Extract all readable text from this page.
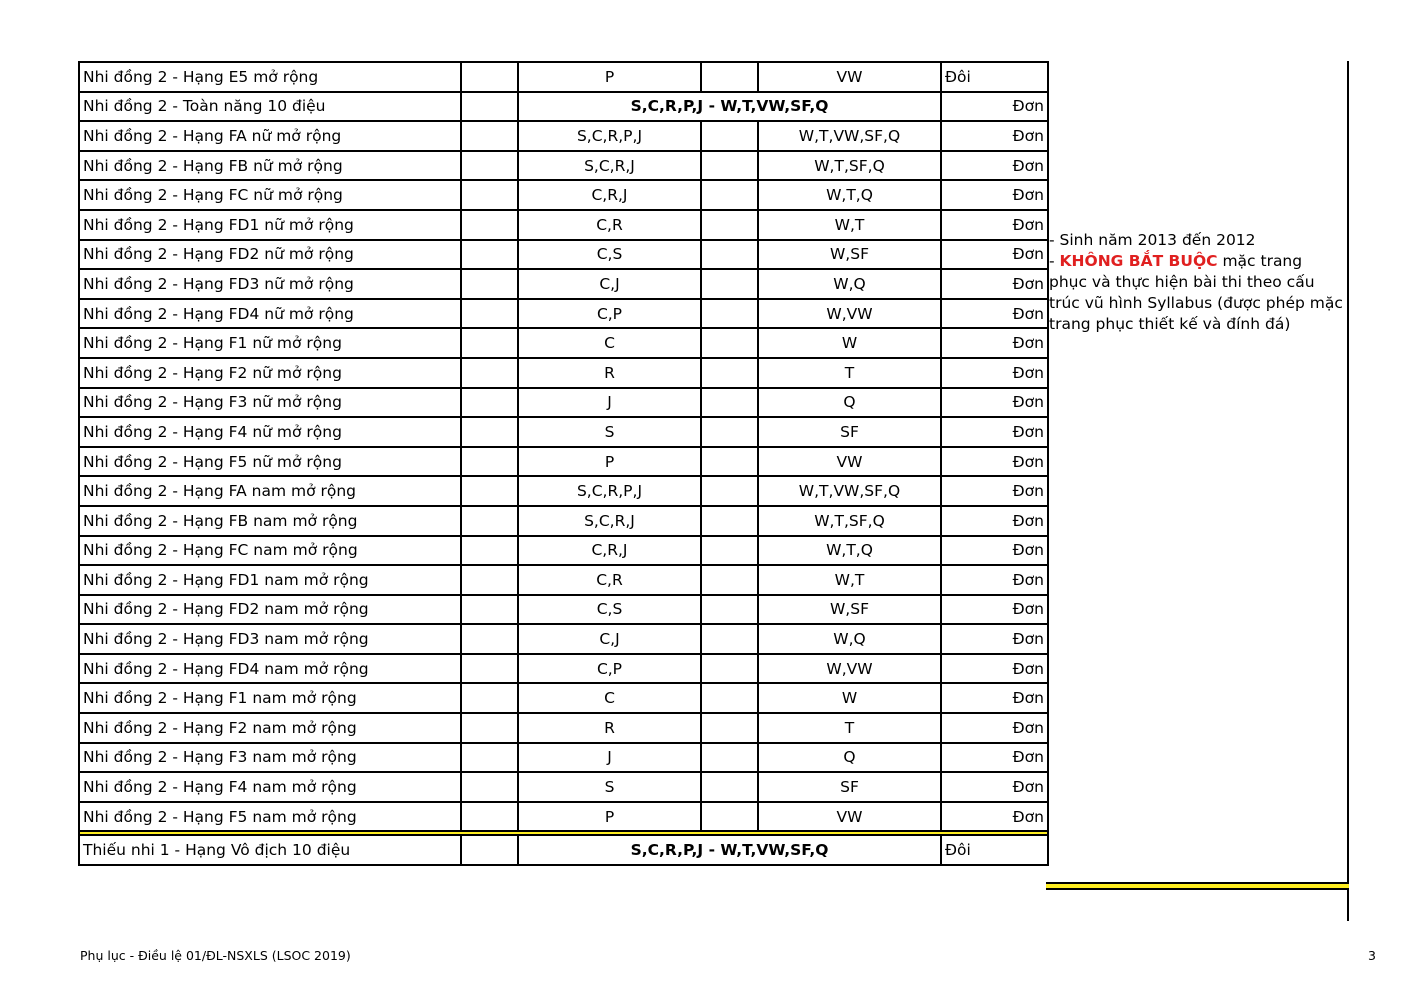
Nhi đồng 2 - Hạng E5 mở rộng		P		VW	Đôi
Nhi đồng 2 - Toàn năng 10 điệu		S,C,R,P,J - W,T,VW,SF,Q			Đơn
Nhi đồng 2 - Hạng FA nữ mở rộng		S,C,R,P,J		W,T,VW,SF,Q	Đơn
Nhi đồng 2 - Hạng FB nữ mở rộng		S,C,R,J		W,T,SF,Q	Đơn
Nhi đồng 2 - Hạng FC nữ mở rộng		C,R,J		W,T,Q	Đơn
Nhi đồng 2 - Hạng FD1 nữ mở rộng		C,R		W,T	Đơn
Nhi đồng 2 - Hạng FD2 nữ mở rộng		C,S		W,SF	Đơn
Nhi đồng 2 - Hạng FD3 nữ mở rộng		C,J		W,Q	Đơn
Nhi đồng 2 - Hạng FD4 nữ mở rộng		C,P		W,VW	Đơn
Nhi đồng 2 - Hạng F1 nữ mở rộng		C		W	Đơn
Nhi đồng 2 - Hạng F2 nữ mở rộng		R		T	Đơn
Nhi đồng 2 - Hạng F3 nữ mở rộng		J		Q	Đơn
Nhi đồng 2 - Hạng F4 nữ mở rộng		S		SF	Đơn
Nhi đồng 2 - Hạng F5 nữ mở rộng		P		VW	Đơn
Nhi đồng 2 - Hạng FA nam mở rộng		S,C,R,P,J		W,T,VW,SF,Q	Đơn
Nhi đồng 2 - Hạng FB nam mở rộng		S,C,R,J		W,T,SF,Q	Đơn
Nhi đồng 2 - Hạng FC nam mở rộng		C,R,J		W,T,Q	Đơn
Nhi đồng 2 - Hạng FD1 nam mở rộng		C,R		W,T	Đơn
Nhi đồng 2 - Hạng FD2 nam mở rộng		C,S		W,SF	Đơn
Nhi đồng 2 - Hạng FD3 nam mở rộng		C,J		W,Q	Đơn
Nhi đồng 2 - Hạng FD4 nam mở rộng		C,P		W,VW	Đơn
Nhi đồng 2 - Hạng F1 nam mở rộng		C		W	Đơn
Nhi đồng 2 - Hạng F2 nam mở rộng		R		T	Đơn
Nhi đồng 2 - Hạng F3 nam mở rộng		J		Q	Đơn
Nhi đồng 2 - Hạng F4 nam mở rộng		S		SF	Đơn
Nhi đồng 2 - Hạng F5 nam mở rộng		P		VW	Đơn

Thiếu nhi 1 - Hạng Vô địch 10 điệu		S,C,R,P,J - W,T,VW,SF,Q			Đôi
- Sinh năm 2013 đến 2012
- KHÔNG BẮT BUỘC mặc trang phục và thực hiện bài thi theo cấu trúc vũ hình Syllabus (được phép mặc trang phục thiết kế và đính đá)
Phụ lục - Điều lệ 01/ĐL-NSXLS (LSOC 2019)	3
